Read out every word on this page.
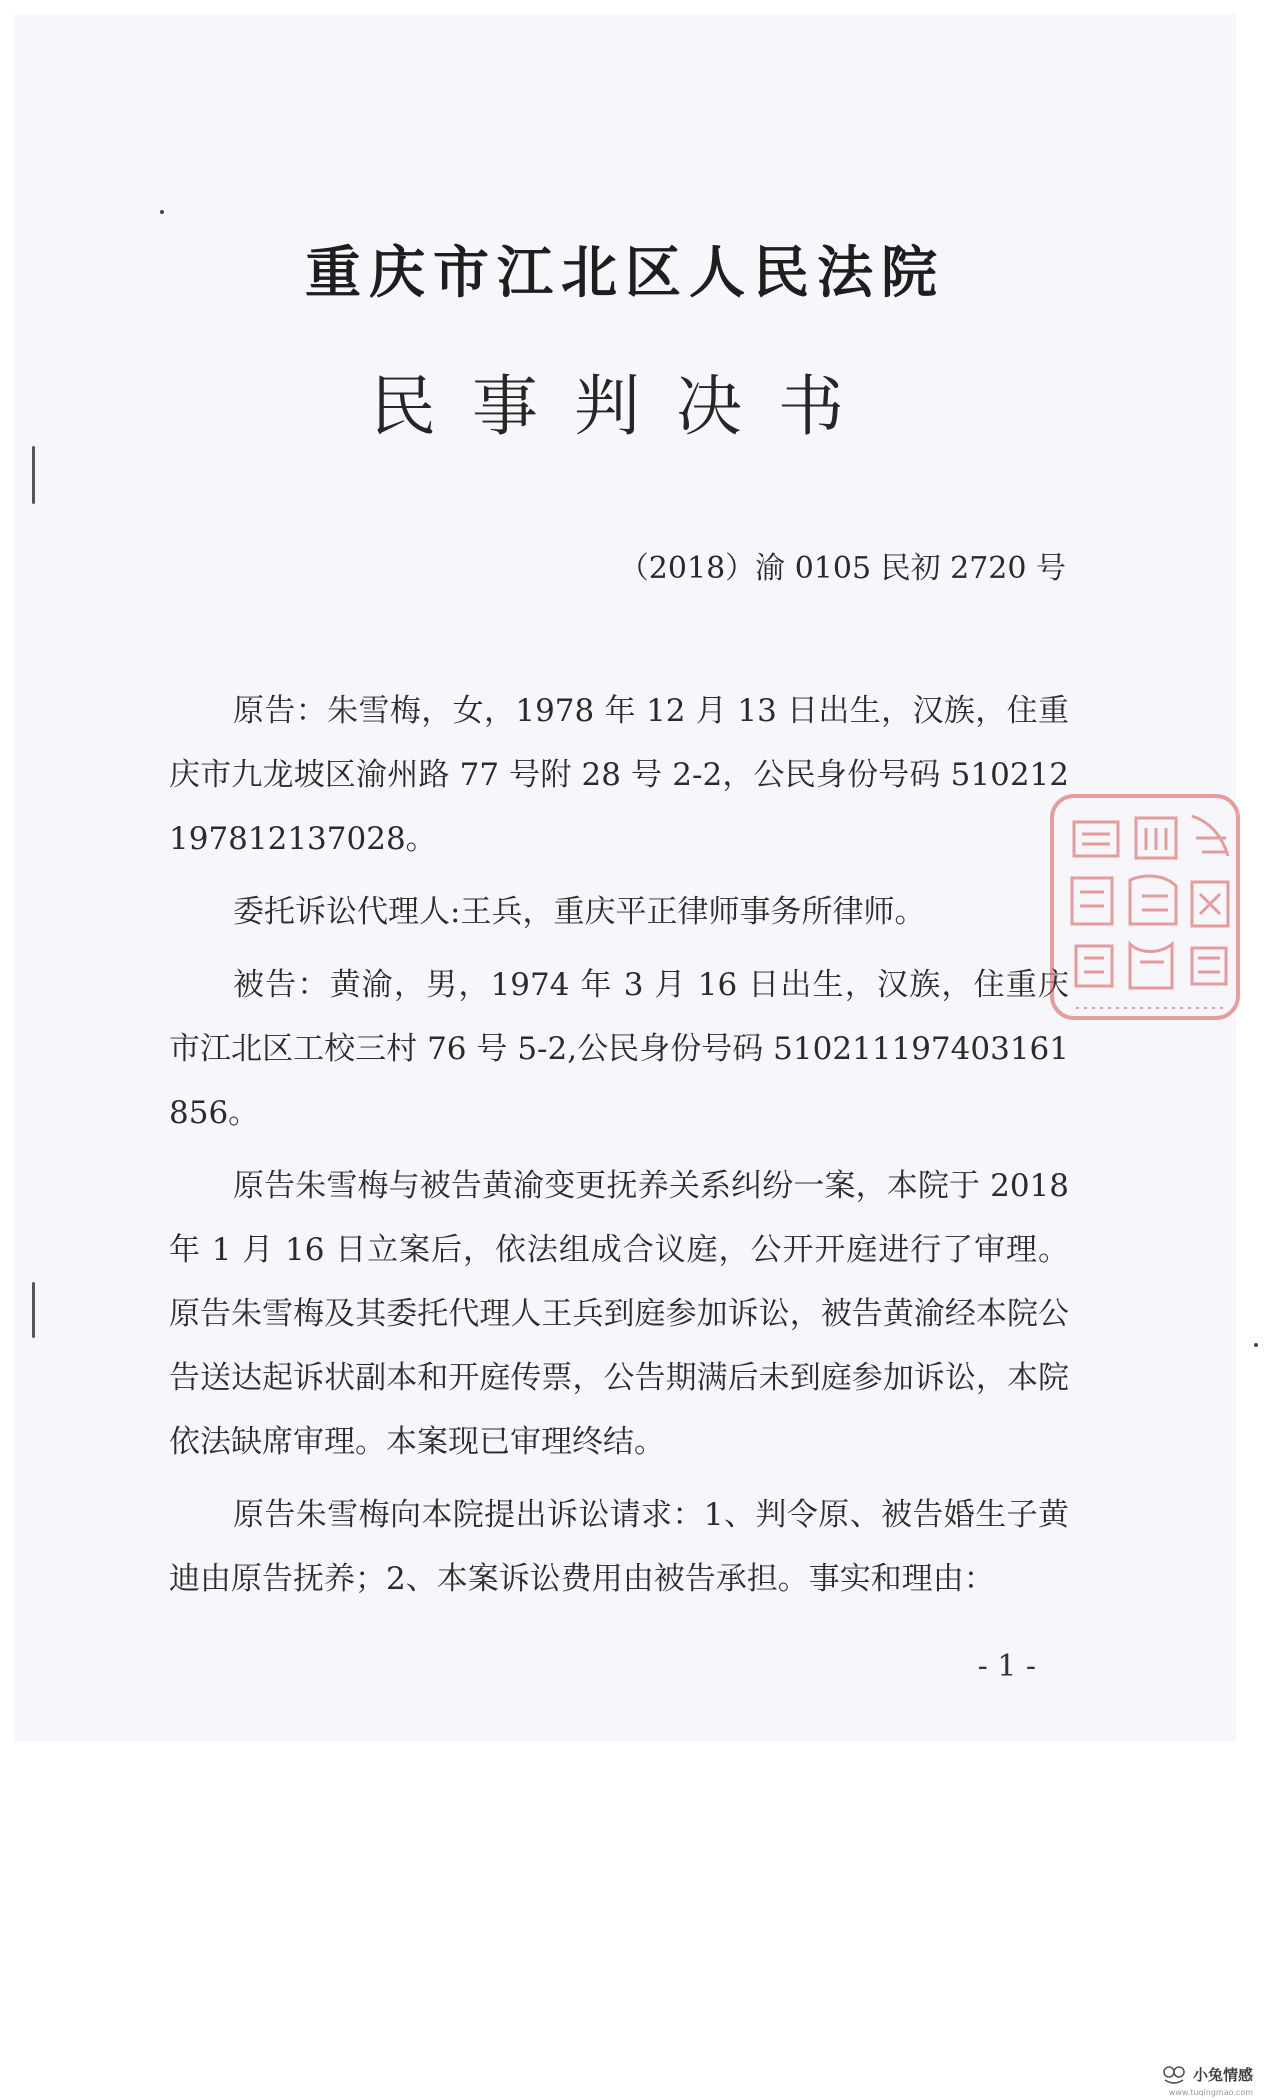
重庆市江北区人民法院
民事判决书
（2018）渝 0105 民初 2720 号

原告：朱雪梅，女，1978 年 12 月 13 日出生，汉族，住重庆市九龙坡区渝州路 77 号附 28 号 2-2，公民身份号码 510212197812137028。

委托诉讼代理人:王兵，重庆平正律师事务所律师。

被告：黄渝，男，1974 年 3 月 16 日出生，汉族，住重庆市江北区工校三村 76 号 5-2,公民身份号码 510211197403161856。

原告朱雪梅与被告黄渝变更抚养关系纠纷一案，本院于 2018 年 1 月 16 日立案后，依法组成合议庭，公开开庭进行了审理。原告朱雪梅及其委托代理人王兵到庭参加诉讼，被告黄渝经本院公告送达起诉状副本和开庭传票，公告期满后未到庭参加诉讼，本院依法缺席审理。本案现已审理终结。

原告朱雪梅向本院提出诉讼请求：1、判令原、被告婚生子黄迪由原告抚养；2、本案诉讼费用由被告承担。事实和理由：

- 1 -
小兔情感
www.tuqingmao.com
